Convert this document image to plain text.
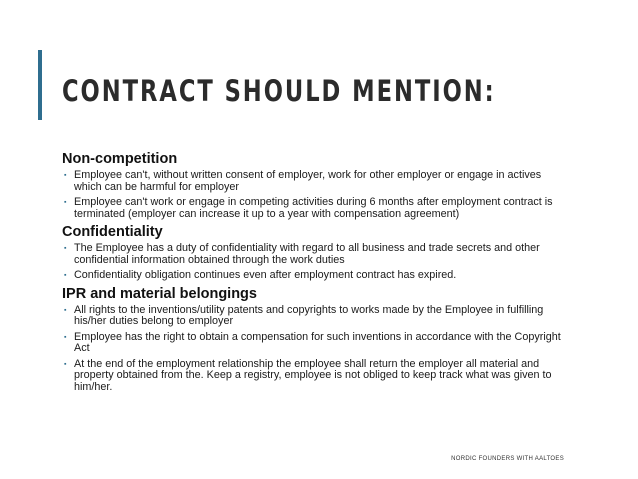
CONTRACT SHOULD MENTION:
Non-competition
▪ Employee can't, without written consent of employer, work for other employer or engage in actives which can be harmful for employer
▪ Employee can't work or engage in competing activities during 6 months after employment contract is terminated (employer can increase it up to a year with compensation agreement)
Confidentiality
▪ The Employee has a duty of confidentiality with regard to all business and trade secrets and other confidential information obtained through the work duties
▪ Confidentiality obligation continues even after employment contract has expired.
IPR and material belongings
▪ All rights to the inventions/utility patents and copyrights to works made by the Employee in fulfilling his/her duties belong to employer
▪ Employee has the right to obtain a compensation for such inventions in accordance with the Copyright Act
▪ At the end of the employment relationship the employee shall return the employer all material and property obtained from the. Keep a registry, employee is not obliged to keep track what was given to him/her.
NORDIC FOUNDERS WITH AALTOES
